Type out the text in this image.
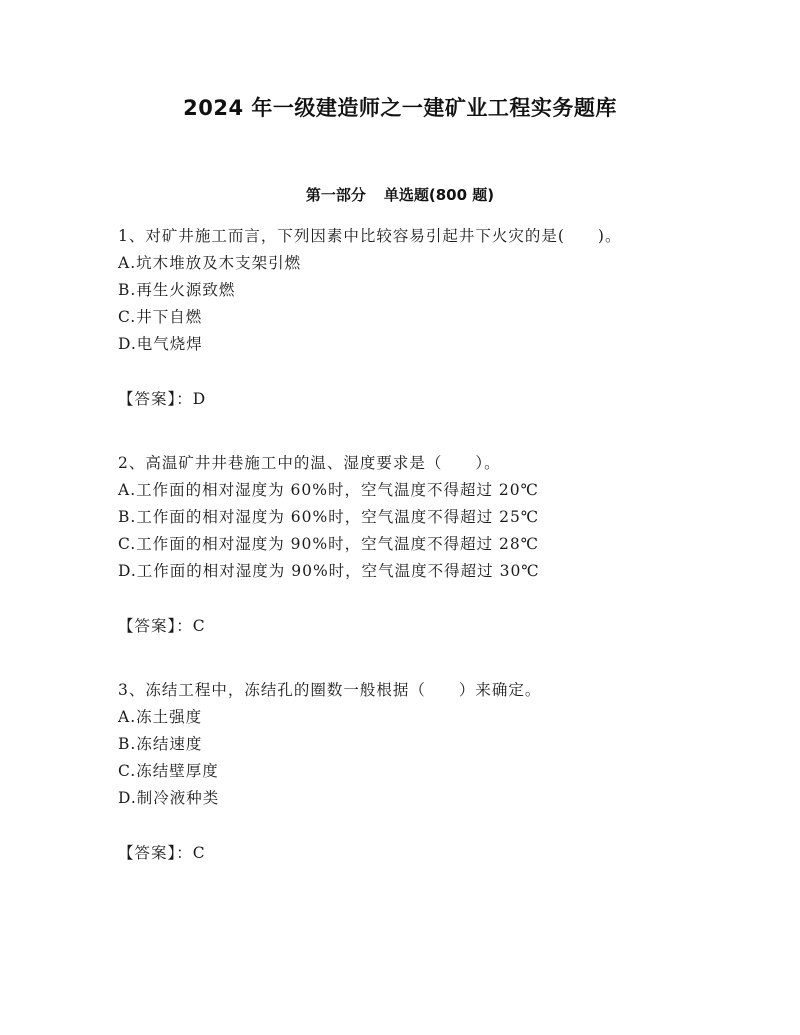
2024 年一级建造师之一建矿业工程实务题库
第一部分 单选题(800 题)
1、对矿井施工而言，下列因素中比较容易引起井下火灾的是(　　)。
A.坑木堆放及木支架引燃
B.再生火源致燃
C.井下自燃
D.电气烧焊
【答案】：D
2、高温矿井井巷施工中的温、湿度要求是（　　）。
A.工作面的相对湿度为 60%时，空气温度不得超过 20℃
B.工作面的相对湿度为 60%时，空气温度不得超过 25℃
C.工作面的相对湿度为 90%时，空气温度不得超过 28℃
D.工作面的相对湿度为 90%时，空气温度不得超过 30℃
【答案】：C
3、冻结工程中，冻结孔的圈数一般根据（　　）来确定。
A.冻土强度
B.冻结速度
C.冻结壁厚度
D.制冷液种类
【答案】：C
